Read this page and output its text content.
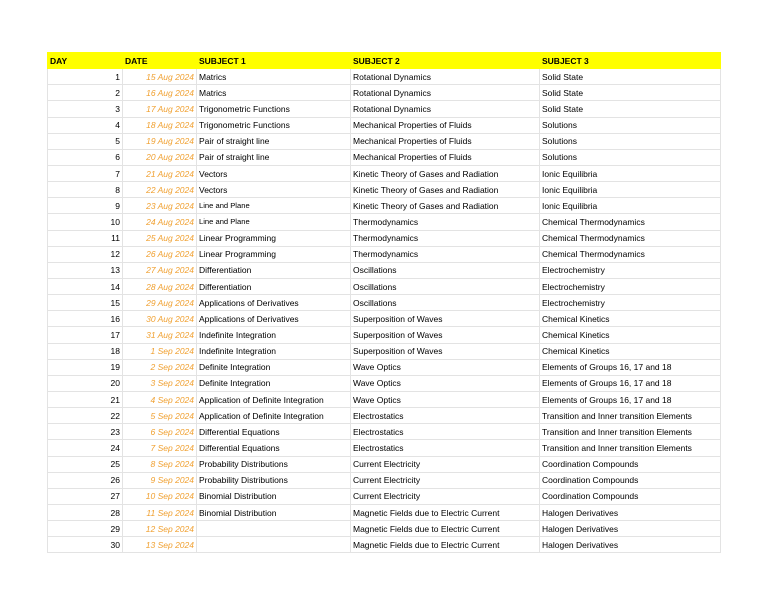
DAY	DATE	SUBJECT 1	SUBJECT 2	SUBJECT 3
1	15 Aug 2024	Matrics	Rotational Dynamics	Solid State
2	16 Aug 2024	Matrics	Rotational Dynamics	Solid State
3	17 Aug 2024	Trigonometric Functions	Rotational Dynamics	Solid State
4	18 Aug 2024	Trigonometric Functions	Mechanical Properties of Fluids	Solutions
5	19 Aug 2024	Pair of straight line	Mechanical Properties of Fluids	Solutions
6	20 Aug 2024	Pair of straight line	Mechanical Properties of Fluids	Solutions
7	21 Aug 2024	Vectors	Kinetic Theory of Gases and Radiation	Ionic Equilibria
8	22 Aug 2024	Vectors	Kinetic Theory of Gases and Radiation	Ionic Equilibria
9	23 Aug 2024	Line and Plane	Kinetic Theory of Gases and Radiation	Ionic Equilibria
10	24 Aug 2024	Line and Plane	Thermodynamics	Chemical Thermodynamics
11	25 Aug 2024	Linear Programming	Thermodynamics	Chemical Thermodynamics
12	26 Aug 2024	Linear Programming	Thermodynamics	Chemical Thermodynamics
13	27 Aug 2024	Differentiation	Oscillations	Electrochemistry
14	28 Aug 2024	Differentiation	Oscillations	Electrochemistry
15	29 Aug 2024	Applications of Derivatives	Oscillations	Electrochemistry
16	30 Aug 2024	Applications of Derivatives	Superposition of Waves	Chemical Kinetics
17	31 Aug 2024	Indefinite Integration	Superposition of Waves	Chemical Kinetics
18	1 Sep 2024	Indefinite Integration	Superposition of Waves	Chemical Kinetics
19	2 Sep 2024	Definite Integration	Wave Optics	Elements of Groups 16, 17 and 18
20	3 Sep 2024	Definite Integration	Wave Optics	Elements of Groups 16, 17 and 18
21	4 Sep 2024	Application of Definite Integration	Wave Optics	Elements of Groups 16, 17 and 18
22	5 Sep 2024	Application of Definite Integration	Electrostatics	Transition and Inner transition Elements
23	6 Sep 2024	Differential Equations	Electrostatics	Transition and Inner transition Elements
24	7 Sep 2024	Differential Equations	Electrostatics	Transition and Inner transition Elements
25	8 Sep 2024	Probability Distributions	Current Electricity	Coordination Compounds
26	9 Sep 2024	Probability Distributions	Current Electricity	Coordination Compounds
27	10 Sep 2024	Binomial Distribution	Current Electricity	Coordination Compounds
28	11 Sep 2024	Binomial Distribution	Magnetic Fields due to Electric Current	Halogen Derivatives
29	12 Sep 2024		Magnetic Fields due to Electric Current	Halogen Derivatives
30	13 Sep 2024		Magnetic Fields due to Electric Current	Halogen Derivatives
